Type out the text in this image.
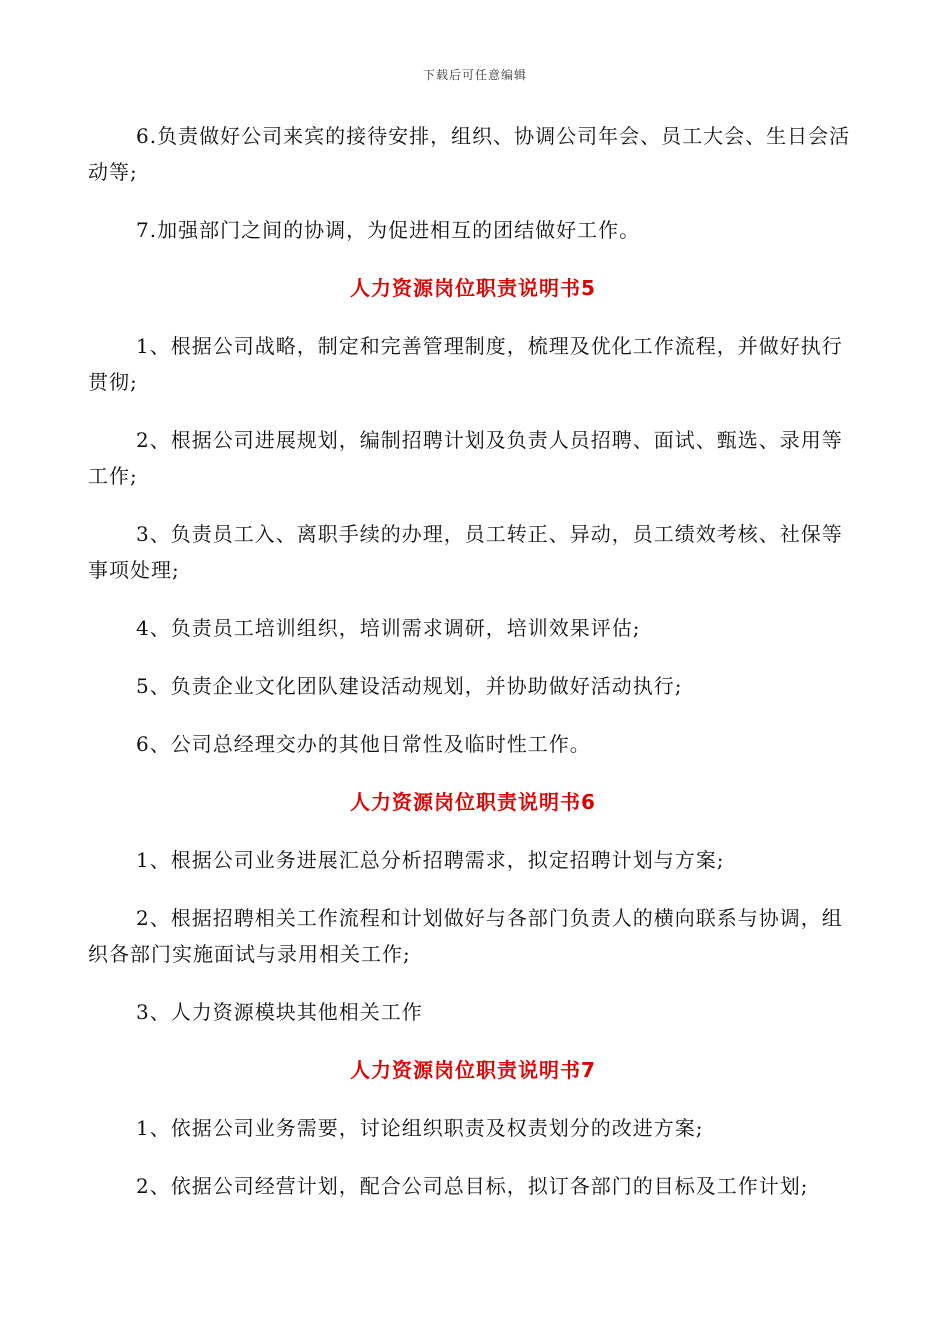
下载后可任意编辑

6.负责做好公司来宾的接待安排，组织、协调公司年会、员工大会、生日会活动等;

7.加强部门之间的协调，为促进相互的团结做好工作。

人力资源岗位职责说明书5

1、根据公司战略，制定和完善管理制度，梳理及优化工作流程，并做好执行贯彻;

2、根据公司进展规划，编制招聘计划及负责人员招聘、面试、甄选、录用等工作;

3、负责员工入、离职手续的办理，员工转正、异动，员工绩效考核、社保等事项处理;

4、负责员工培训组织，培训需求调研，培训效果评估;

5、负责企业文化团队建设活动规划，并协助做好活动执行;

6、公司总经理交办的其他日常性及临时性工作。

人力资源岗位职责说明书6

1、根据公司业务进展汇总分析招聘需求，拟定招聘计划与方案;

2、根据招聘相关工作流程和计划做好与各部门负责人的横向联系与协调，组织各部门实施面试与录用相关工作;

3、人力资源模块其他相关工作

人力资源岗位职责说明书7

1、依据公司业务需要，讨论组织职责及权责划分的改进方案;

2、依据公司经营计划，配合公司总目标，拟订各部门的目标及工作计划;
